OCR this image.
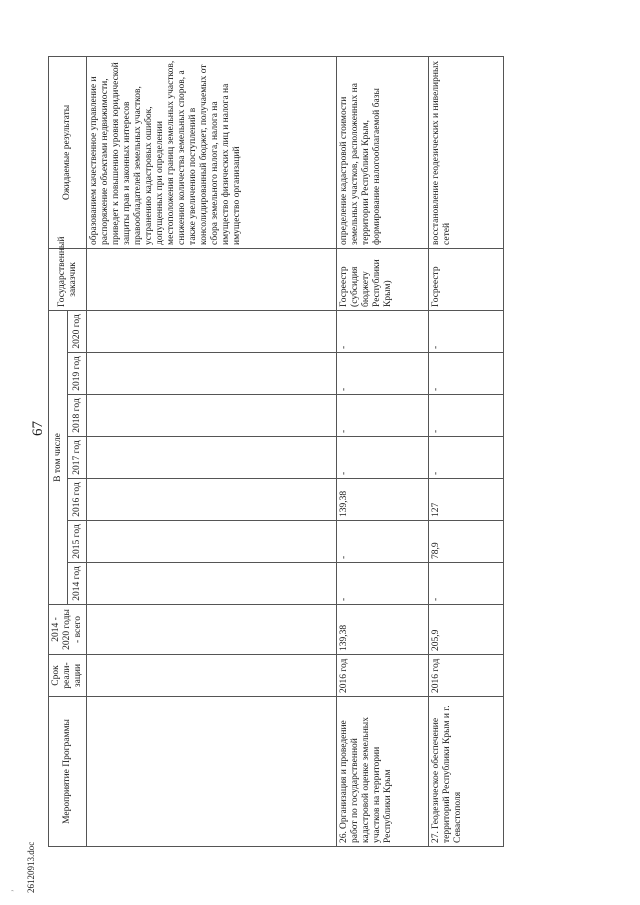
67
Мероприятие Программы	Срок реали-зации	2014 - 2020 годы - всего	В том числе							Государственный заказчик	Ожидаемые результаты
			2014 год	2015 год	2016 год	2017 год	2018 год	2019 год	2020 год		
											образованием качественное управление и распоряжение объектами недвижимости, приведет к повышению уровня юридической защиты прав и законных интересов правообладателей земельных участков, устранению кадастровых ошибок, допущенных при определении местоположения границ земельных участков, снижению количества земельных споров, а также увеличению поступлений в консолидированный бюджет, получаемых от сбора земельного налога, налога на имущество физических лиц и налога на имущество организаций
26.Организация и проведение работ по государственной кадастровой оценке земельных участков на территории Республики Крым	2016 год	139,38	-	-	139,38	-	-	-	-	Госреестр (субсидия бюджету Республики Крым)	определение кадастровой стоимости земельных участков, расположенных на территории Республики Крым, формирование налогооблагаемой базы
27.Геодезическое обеспечение территорий Республики Крым и г. Севастополя	2016 год	205,9	-	78,9	127	-	-	-	-	Госреестр	восстановление геодезических и нивелирных сетей
26120913.doc
ʼ
